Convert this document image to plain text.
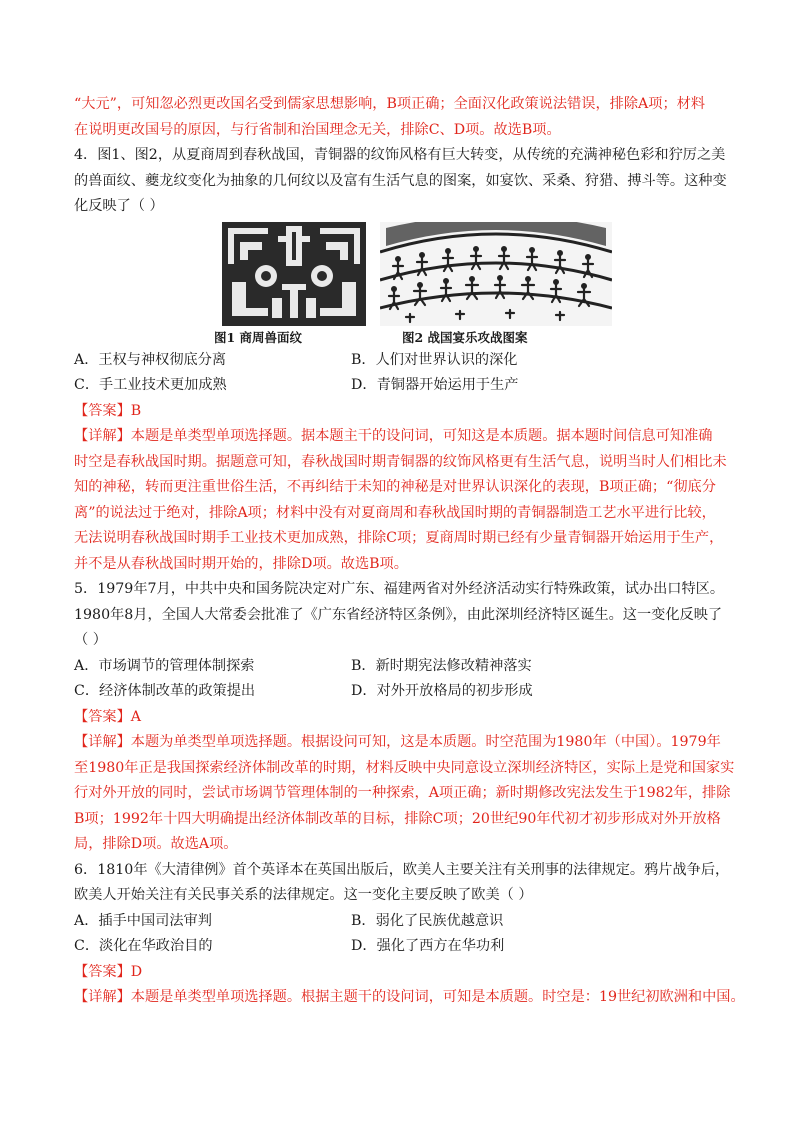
“大元”，可知忽必烈更改国名受到儒家思想影响，B项正确；全面汉化政策说法错误，排除A项；材料
在说明更改国号的原因，与行省制和治国理念无关，排除C、D项。故选B项。
4．图1、图2，从夏商周到春秋战国，青铜器的纹饰风格有巨大转变，从传统的充满神秘色彩和狞厉之美
的兽面纹、夔龙纹变化为抽象的几何纹以及富有生活气息的图案，如宴饮、采桑、狩猎、搏斗等。这种变
化反映了（ ）
图1 商周兽面纹	图2 战国宴乐攻战图案
A．王权与神权彻底分离	B．人们对世界认识的深化
C．手工业技术更加成熟	D．青铜器开始运用于生产
【答案】B
【详解】本题是单类型单项选择题。据本题主干的设问词，可知这是本质题。据本题时间信息可知准确
时空是春秋战国时期。据题意可知，春秋战国时期青铜器的纹饰风格更有生活气息，说明当时人们相比未
知的神秘，转而更注重世俗生活，不再纠结于未知的神秘是对世界认识深化的表现，B项正确；“彻底分
离”的说法过于绝对，排除A项；材料中没有对夏商周和春秋战国时期的青铜器制造工艺水平进行比较，
无法说明春秋战国时期手工业技术更加成熟，排除C项；夏商周时期已经有少量青铜器开始运用于生产，
并不是从春秋战国时期开始的，排除D项。故选B项。
5．1979年7月，中共中央和国务院决定对广东、福建两省对外经济活动实行特殊政策，试办出口特区。
1980年8月，全国人大常委会批准了《广东省经济特区条例》，由此深圳经济特区诞生。这一变化反映了
（ ）
A．市场调节的管理体制探索	B．新时期宪法修改精神落实
C．经济体制改革的政策提出	D．对外开放格局的初步形成
【答案】A
【详解】本题为单类型单项选择题。根据设问可知，这是本质题。时空范围为1980年（中国）。1979年
至1980年正是我国探索经济体制改革的时期，材料反映中央同意设立深圳经济特区，实际上是党和国家实
行对外开放的同时，尝试市场调节管理体制的一种探索，A项正确；新时期修改宪法发生于1982年，排除
B项；1992年十四大明确提出经济体制改革的目标，排除C项；20世纪90年代初才初步形成对外开放格
局，排除D项。故选A项。
6．1810年《大清律例》首个英译本在英国出版后，欧美人主要关注有关刑事的法律规定。鸦片战争后，
欧美人开始关注有关民事关系的法律规定。这一变化主要反映了欧美（ ）
A．插手中国司法审判	B．弱化了民族优越意识
C．淡化在华政治目的	D．强化了西方在华功利
【答案】D
【详解】本题是单类型单项选择题。根据主题干的设问词，可知是本质题。时空是：19世纪初欧洲和中国。
